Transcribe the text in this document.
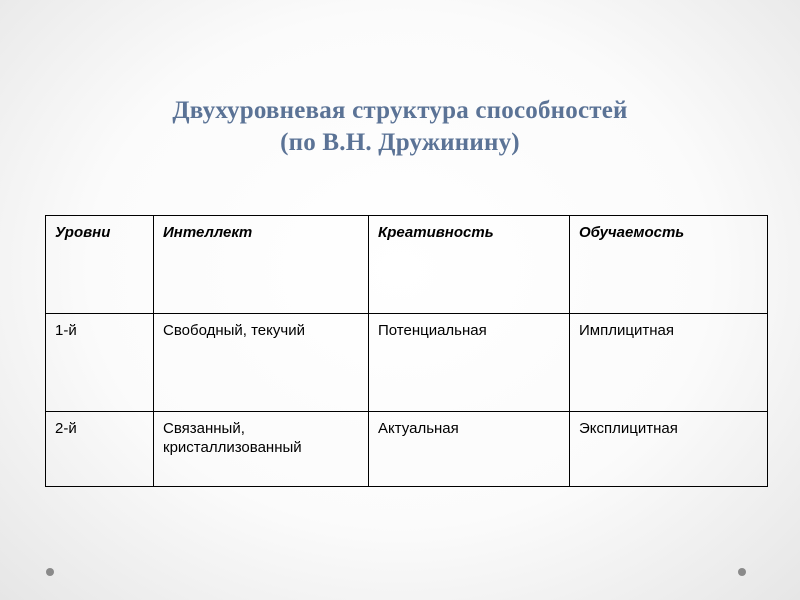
Двухуровневая структура способностей
(по В.Н. Дружинину)
Уровни	Интеллект	Креативность	Обучаемость
1-й	Свободный, текучий	Потенциальная	Имплицитная
2-й	Связанный, кристаллизованный	Актуальная	Эксплицитная
